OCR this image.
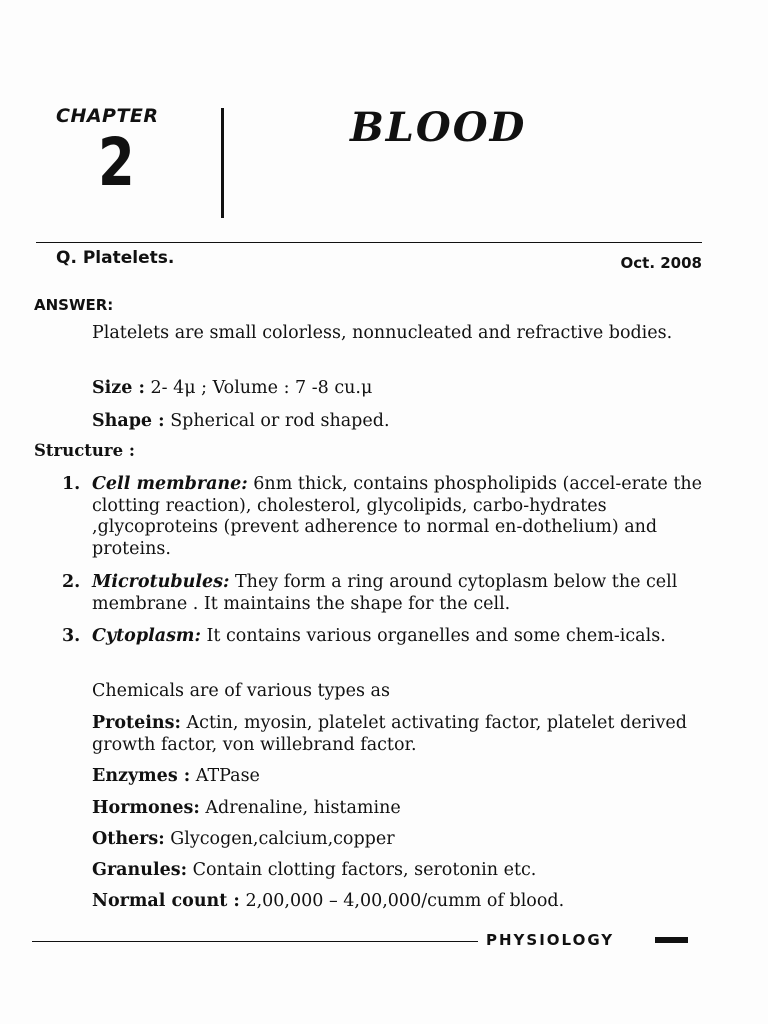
CHAPTER
2	BLOOD
Q. Platelets.	Oct. 2008
ANSWER:
Platelets are small colorless, nonnucleated and refractive bodies.
Size : 2- 4μ ; Volume : 7 -8 cu.μ
Shape : Spherical or rod shaped.
Structure :
1. Cell membrane: 6nm thick, contains phospholipids (accel-erate the clotting reaction), cholesterol, glycolipids, carbo-hydrates ,glycoproteins (prevent adherence to normal en-dothelium) and proteins.
2. Microtubules: They form a ring around cytoplasm below the cell membrane . It maintains the shape for the cell.
3. Cytoplasm: It contains various organelles and some chem-icals.
Chemicals are of various types as
Proteins: Actin, myosin, platelet activating factor, platelet derived growth factor, von willebrand factor.
Enzymes : ATPase
Hormones: Adrenaline, histamine
Others: Glycogen,calcium,copper
Granules: Contain clotting factors, serotonin etc.
Normal count : 2,00,000 – 4,00,000/cumm of blood.
PHYSIOLOGY
